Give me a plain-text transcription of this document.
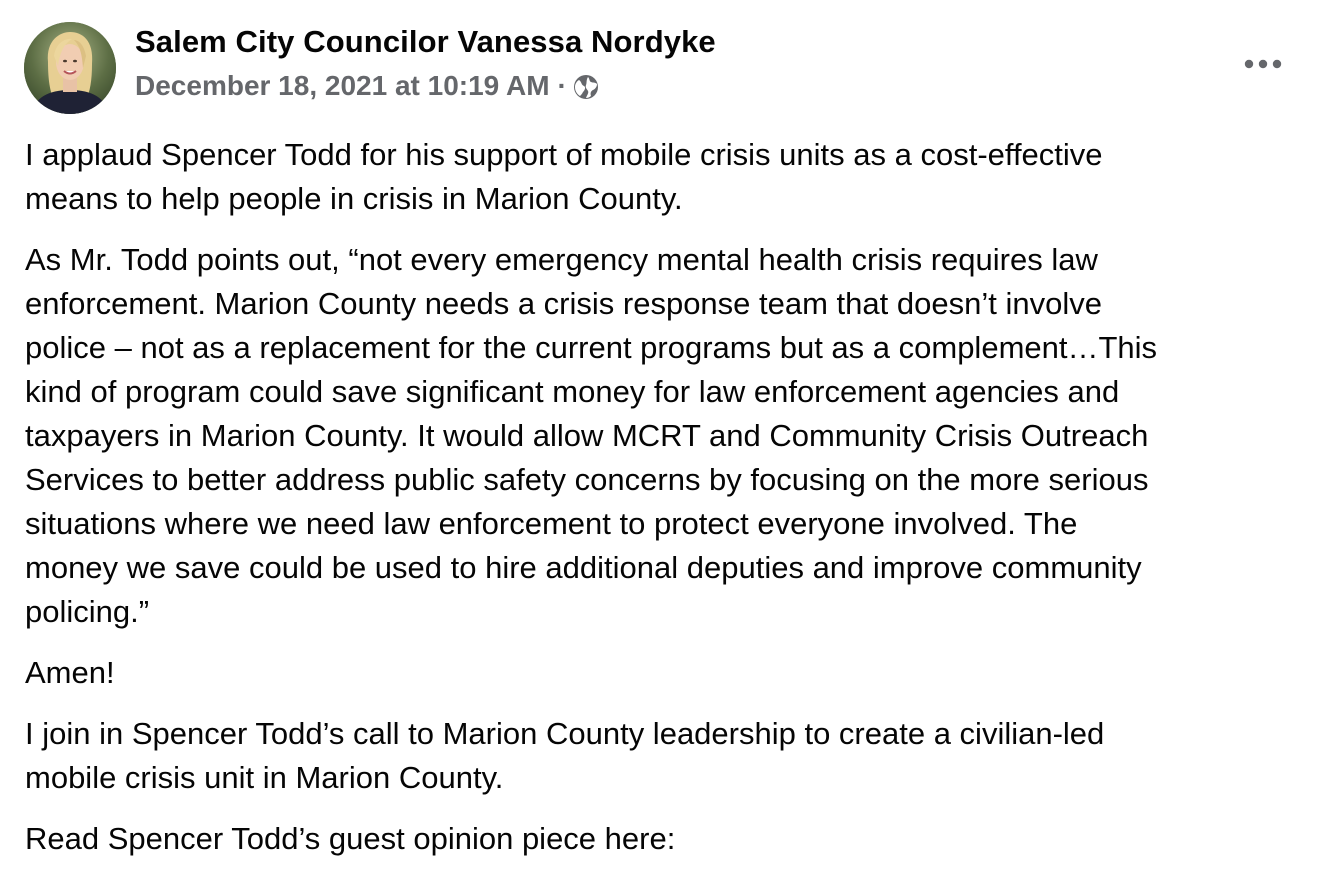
Salem City Councilor Vanessa Nordyke
December 18, 2021 at 10:19 AM ·

I applaud Spencer Todd for his support of mobile crisis units as a cost-effective
means to help people in crisis in Marion County.

As Mr. Todd points out, “not every emergency mental health crisis requires law
enforcement. Marion County needs a crisis response team that doesn’t involve
police – not as a replacement for the current programs but as a complement…This
kind of program could save significant money for law enforcement agencies and
taxpayers in Marion County. It would allow MCRT and Community Crisis Outreach
Services to better address public safety concerns by focusing on the more serious
situations where we need law enforcement to protect everyone involved. The
money we save could be used to hire additional deputies and improve community
policing.”

Amen!

I join in Spencer Todd’s call to Marion County leadership to create a civilian-led
mobile crisis unit in Marion County.

Read Spencer Todd’s guest opinion piece here:
